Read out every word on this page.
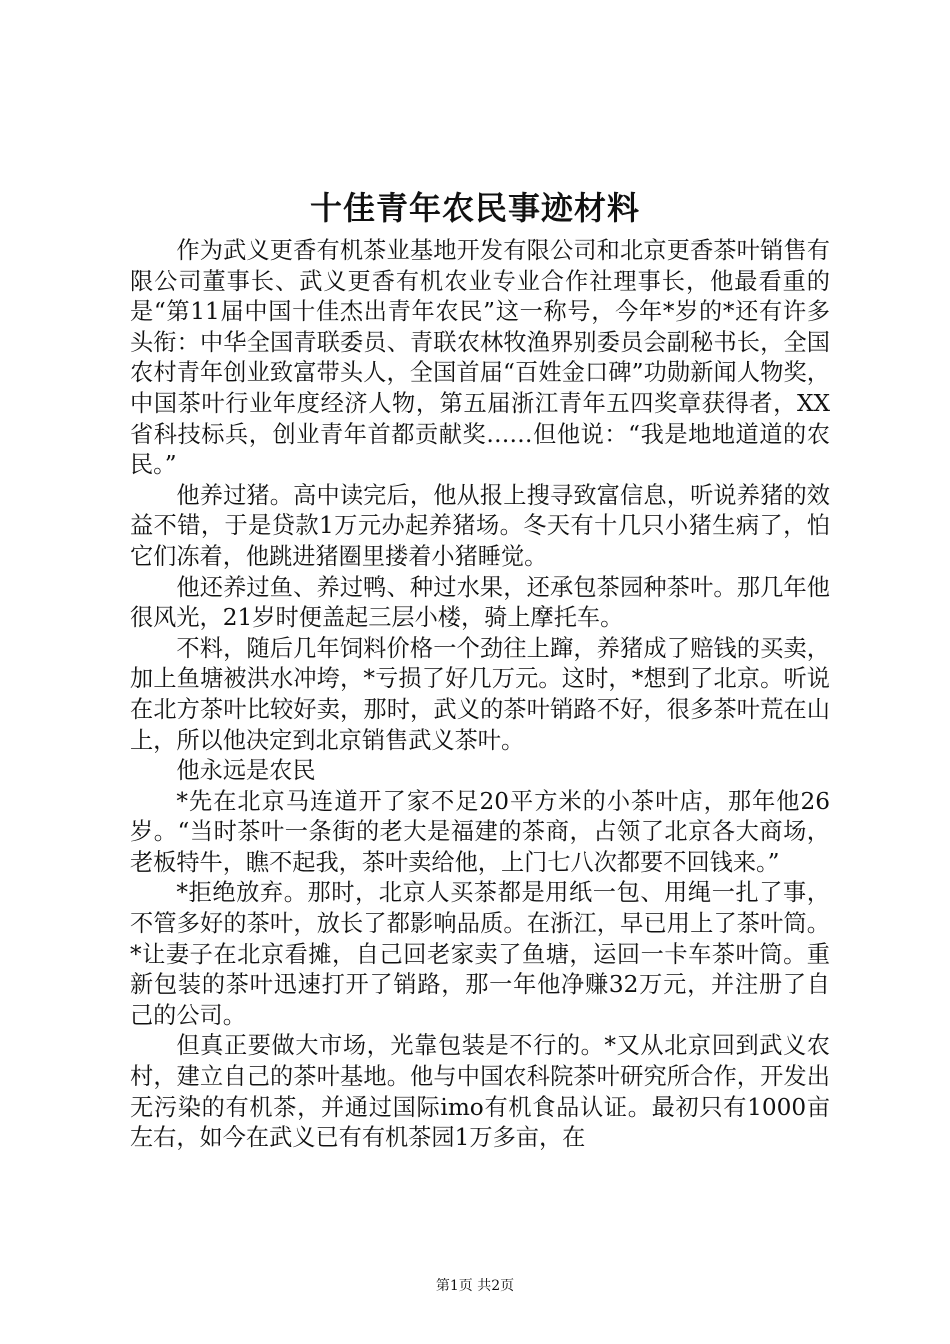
十佳青年农民事迹材料

作为武义更香有机茶业基地开发有限公司和北京更香茶叶销售有限公司董事长、武义更香有机农业专业合作社理事长，他最看重的是“第11届中国十佳杰出青年农民”这一称号，今年*岁的*还有许多头衔：中华全国青联委员、青联农林牧渔界别委员会副秘书长，全国农村青年创业致富带头人，全国首届“百姓金口碑”功勋新闻人物奖，中国茶叶行业年度经济人物，第五届浙江青年五四奖章获得者，XX省科技标兵，创业青年首都贡献奖……但他说：“我是地地道道的农民。”

他养过猪。高中读完后，他从报上搜寻致富信息，听说养猪的效益不错，于是贷款1万元办起养猪场。冬天有十几只小猪生病了，怕它们冻着，他跳进猪圈里搂着小猪睡觉。

他还养过鱼、养过鸭、种过水果，还承包茶园种茶叶。那几年他很风光，21岁时便盖起三层小楼，骑上摩托车。

不料，随后几年饲料价格一个劲往上蹿，养猪成了赔钱的买卖，加上鱼塘被洪水冲垮，*亏损了好几万元。这时，*想到了北京。听说在北方茶叶比较好卖，那时，武义的茶叶销路不好，很多茶叶荒在山上，所以他决定到北京销售武义茶叶。

他永远是农民

*先在北京马连道开了家不足20平方米的小茶叶店，那年他26岁。“当时茶叶一条街的老大是福建的茶商，占领了北京各大商场，老板特牛，瞧不起我，茶叶卖给他，上门七八次都要不回钱来。”

*拒绝放弃。那时，北京人买茶都是用纸一包、用绳一扎了事，不管多好的茶叶，放长了都影响品质。在浙江，早已用上了茶叶筒。*让妻子在北京看摊，自己回老家卖了鱼塘，运回一卡车茶叶筒。重新包装的茶叶迅速打开了销路，那一年他净赚32万元，并注册了自己的公司。

但真正要做大市场，光靠包装是不行的。*又从北京回到武义农村，建立自己的茶叶基地。他与中国农科院茶叶研究所合作，开发出无污染的有机茶，并通过国际imo有机食品认证。最初只有1000亩左右，如今在武义已有有机茶园1万多亩，在

第1页 共2页
